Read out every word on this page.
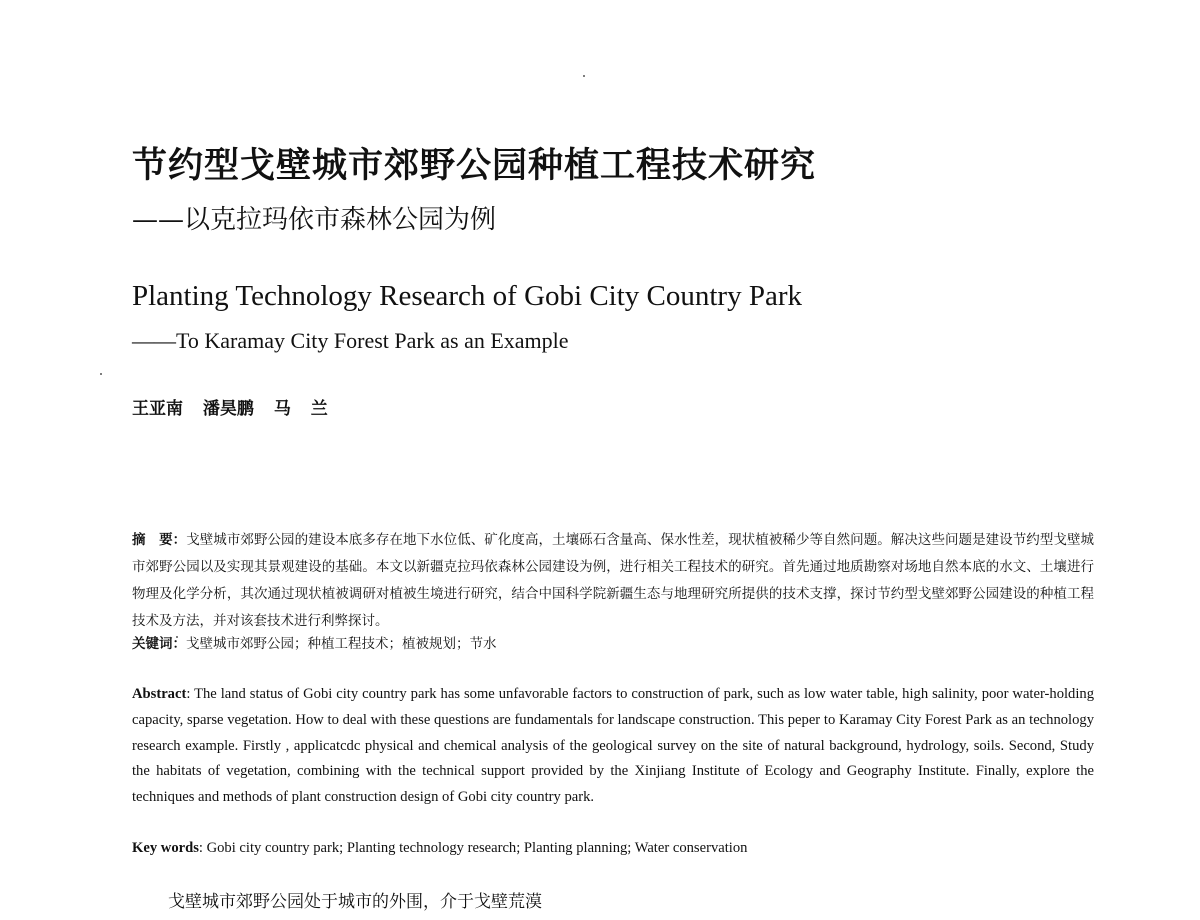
节约型戈壁城市郊野公园种植工程技术研究
——以克拉玛依市森林公园为例
Planting Technology Research of Gobi City Country Park
——To Karamay City Forest Park as an Example
王亚南 潘昊鹏 马 兰
摘　要：戈壁城市郊野公园的建设本底多存在地下水位低、矿化度高，土壤砾石含量高、保水性差，现状植被稀少等自然问题。解决这些问题是建设节约型戈壁城市郊野公园以及实现其景观建设的基础。本文以新疆克拉玛依森林公园建设为例，进行相关工程技术的研究。首先通过地质勘察对场地自然本底的水文、土壤进行物理及化学分析，其次通过现状植被调研对植被生境进行研究，结合中国科学院新疆生态与地理研究所提供的技术支撑，探讨节约型戈壁郊野公园建设的种植工程技术及方法，并对该套技术进行利弊探讨。
关键词：戈壁城市郊野公园；种植工程技术；植被规划；节水
Abstract: The land status of Gobi city country park has some unfavorable factors to construction of park, such as low water table, high salinity, poor water-holding capacity, sparse vegetation. How to deal with these questions are fundamentals for landscape construction. This peper to Karamay City Forest Park as an technology research example. Firstly , applicatcdc physical and chemical analysis of the geological survey on the site of natural background, hydrology, soils. Second, Study the habitats of vegetation, combining with the technical support provided by the Xinjiang Institute of Ecology and Geography Institute. Finally, explore the techniques and methods of plant construction design of Gobi city country park.
Key words: Gobi city country park; Planting technology research; Planting planning; Water conservation
戈壁城市郊野公园处于城市的外围，介于戈壁荒漠
